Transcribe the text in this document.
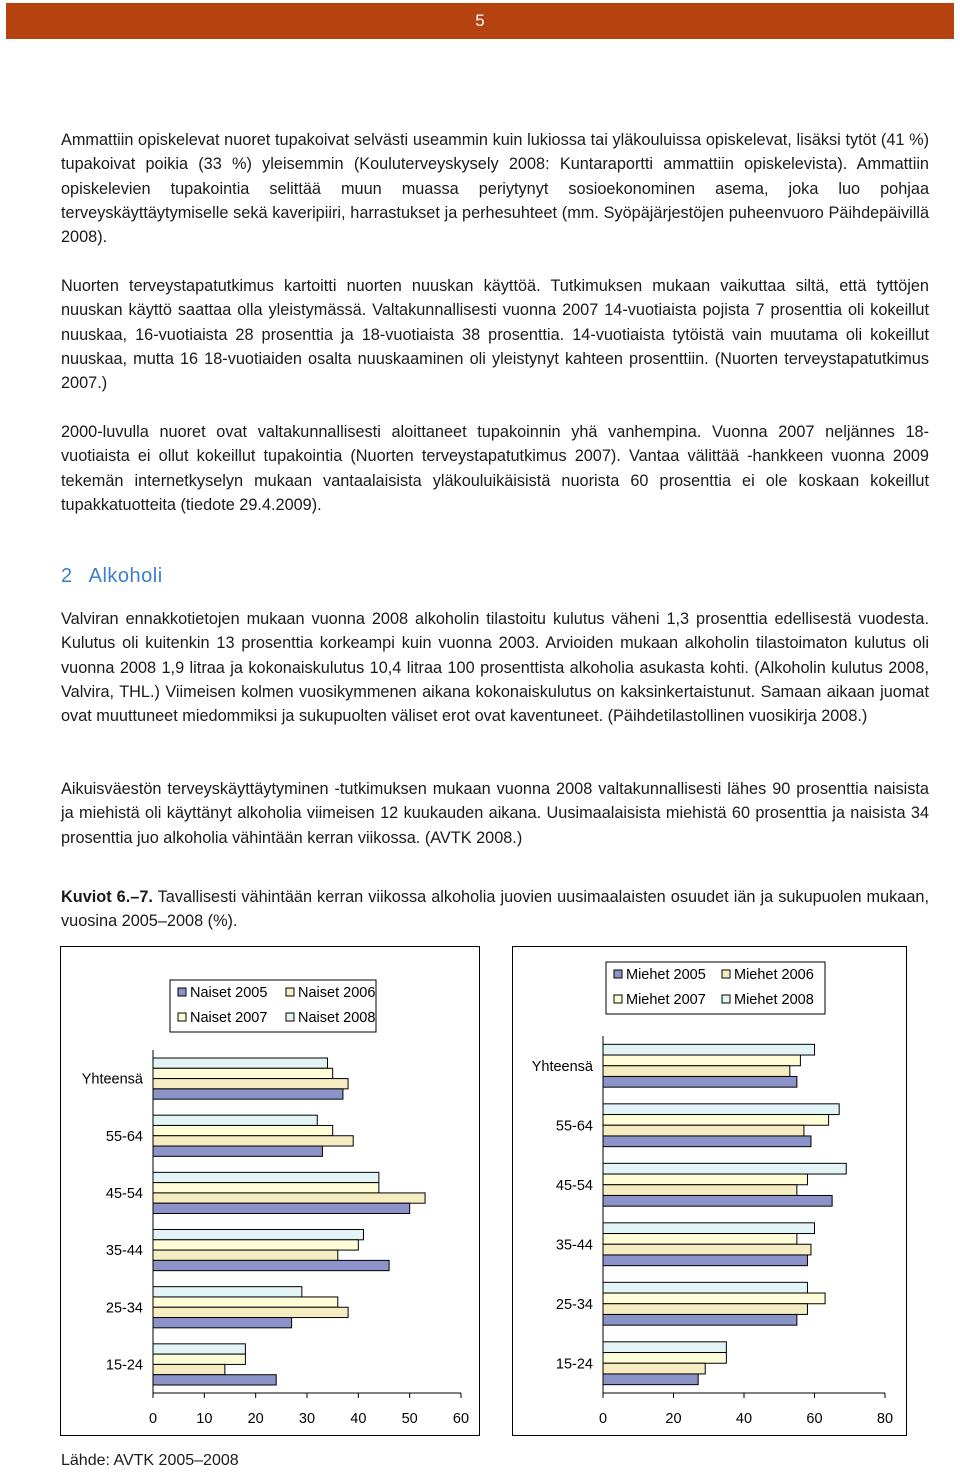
5

Ammattiin opiskelevat nuoret tupakoivat selvästi useammin kuin lukiossa tai yläkouluissa opiskelevat, lisäksi tytöt (41 %) tupakoivat poikia (33 %) yleisemmin (Kouluterveyskysely 2008: Kuntaraportti ammattiin opiskelevista). Ammattiin opiskelevien tupakointia selittää muun muassa periytynyt sosioekonominen asema, joka luo pohjaa terveyskäyttäytymiselle sekä kaveripiiri, harrastukset ja perhesuhteet (mm. Syöpäjärjestöjen puheenvuoro Päihdepäivillä 2008).

Nuorten terveystapatutkimus kartoitti nuorten nuuskan käyttöä. Tutkimuksen mukaan vaikuttaa siltä, että tyttöjen nuuskan käyttö saattaa olla yleistymässä. Valtakunnallisesti vuonna 2007 14-vuotiaista pojista 7 prosenttia oli kokeillut nuuskaa, 16-vuotiaista 28 prosenttia ja 18-vuotiaista 38 prosenttia. 14-vuotiaista tytöistä vain muutama oli kokeillut nuuskaa, mutta 16 18-vuotiaiden osalta nuuskaaminen oli yleistynyt kahteen prosenttiin. (Nuorten terveystapatutkimus 2007.)

2000-luvulla nuoret ovat valtakunnallisesti aloittaneet tupakoinnin yhä vanhempina. Vuonna 2007 neljännes 18-vuotiaista ei ollut kokeillut tupakointia (Nuorten terveystapatutkimus 2007). Vantaa välittää -hankkeen vuonna 2009 tekemän internetkyselyn mukaan vantaalaisista yläkouluikäisistä nuorista 60 prosenttia ei ole koskaan kokeillut tupakkatuotteita (tiedote 29.4.2009).

2 Alkoholi

Valviran ennakkotietojen mukaan vuonna 2008 alkoholin tilastoitu kulutus väheni 1,3 prosenttia edellisestä vuodesta. Kulutus oli kuitenkin 13 prosenttia korkeampi kuin vuonna 2003. Arvioiden mukaan alkoholin tilastoimaton kulutus oli vuonna 2008 1,9 litraa ja kokonaiskulutus 10,4 litraa 100 prosenttista alkoholia asukasta kohti. (Alkoholin kulutus 2008, Valvira, THL.) Viimeisen kolmen vuosikymmenen aikana kokonaiskulutus on kaksinkertaistunut. Samaan aikaan juomat ovat muuttuneet miedommiksi ja sukupuolten väliset erot ovat kaventuneet. (Päihdetilastollinen vuosikirja 2008.)

Aikuisväestön terveyskäyttäytyminen -tutkimuksen mukaan vuonna 2008 valtakunnallisesti lähes 90 prosenttia naisista ja miehistä oli käyttänyt alkoholia viimeisen 12 kuukauden aikana. Uusimaalaisista miehistä 60 prosenttia ja naisista 34 prosenttia juo alkoholia vähintään kerran viikossa. (AVTK 2008.)

Kuviot 6.–7. Tavallisesti vähintään kerran viikossa alkoholia juovien uusimaalaisten osuudet iän ja sukupuolen mukaan, vuosina 2005–2008 (%).

Naiset 2005 Naiset 2006
Naiset 2007 Naiset 2008
Yhteensä
55-64
45-54
35-44
25-34
15-24
0	10 20 30 40 50 60
Miehet 2005 Miehet 2006
Miehet 2007 Miehet 2008
Yhteensä
55-64
45-54
35-44
25-34
15-24
0	20	40	60	80

Lähde: AVTK 2005–2008
